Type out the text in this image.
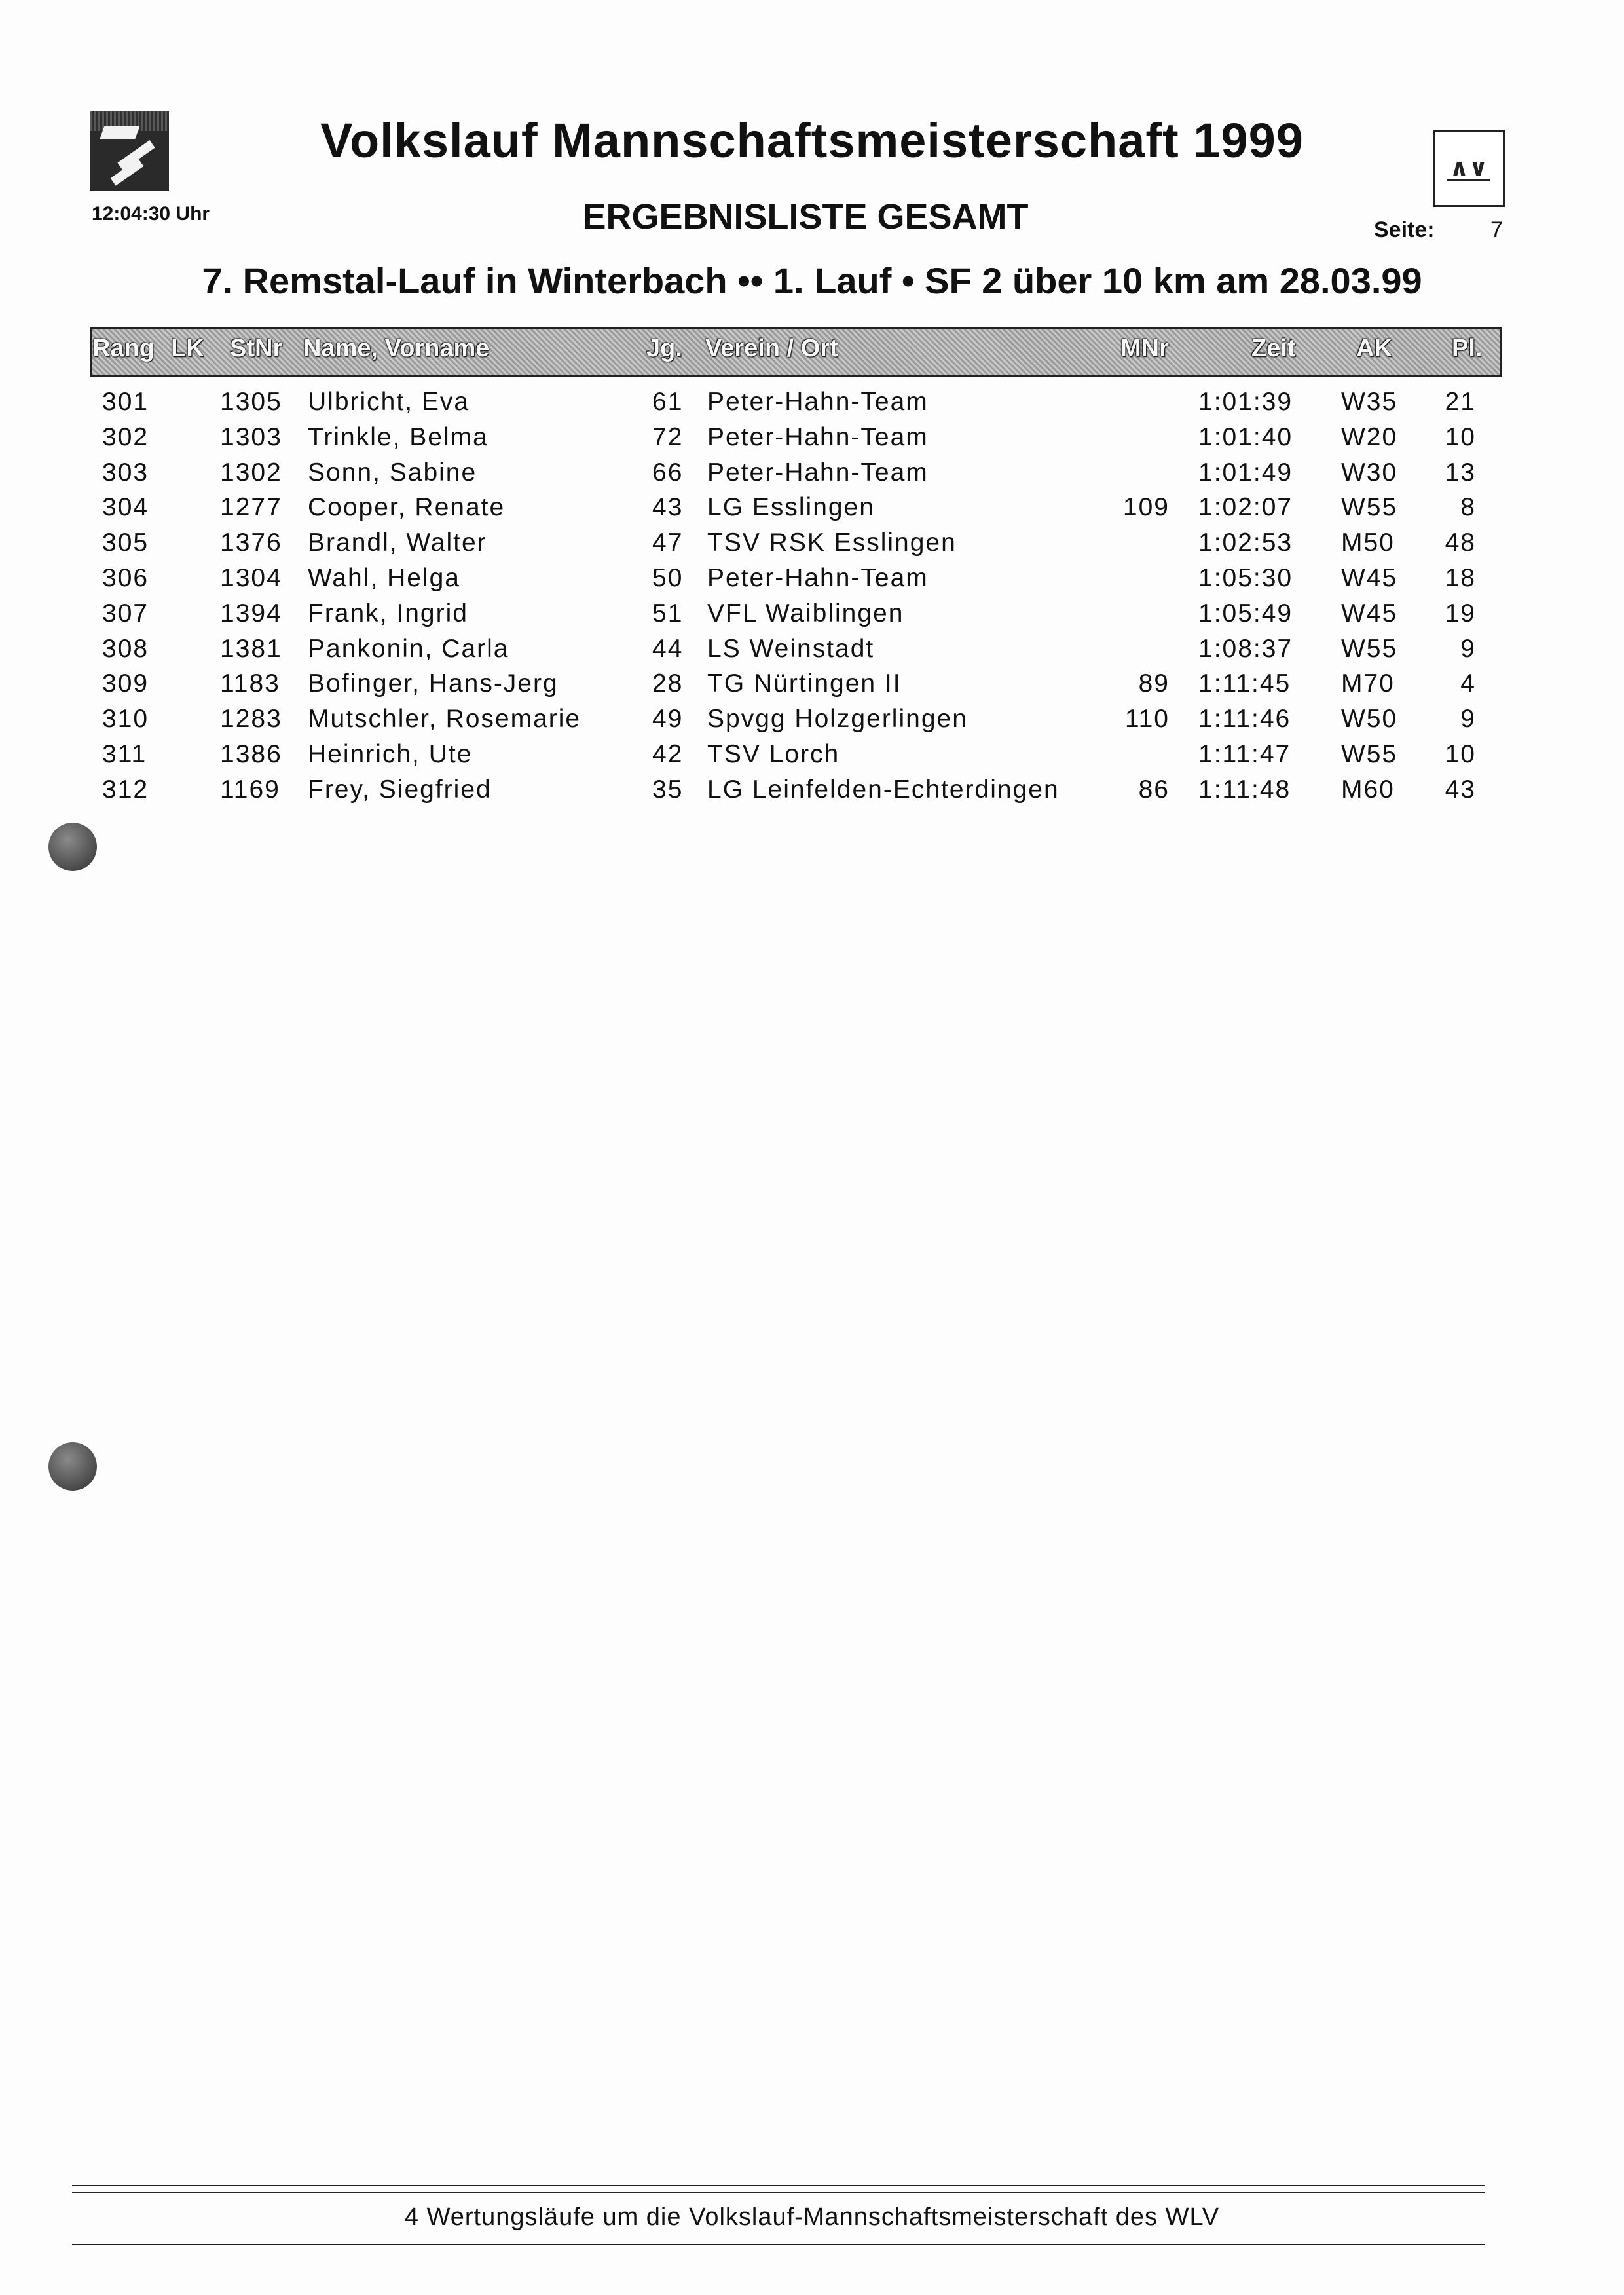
Volkslauf Mannschaftsmeisterschaft 1999	∧∨
12:04:30 Uhr	ERGEBNISLISTE GESAMT	Seite:	7
7. Remstal-Lauf in Winterbach •• 1. Lauf • SF 2 über 10 km am 28.03.99
Rang LK StNr Name, Vorname	Jg. Verein / Ort	MNr	Zeit AK Pl.
301	1305 Ulbricht, Eva	61 Peter-Hahn-Team	1:01:39 W35 21
302	1303 Trinkle, Belma	72 Peter-Hahn-Team	1:01:40 W20 10
303	1302 Sonn, Sabine	66 Peter-Hahn-Team	1:01:49 W30 13
304	1277 Cooper, Renate	43 LG Esslingen	109 1:02:07 W55 8
305	1376 Brandl, Walter	47 TSV RSK Esslingen	1:02:53 M50 48
306	1304 Wahl, Helga	50 Peter-Hahn-Team	1:05:30 W45 18
307	1394 Frank, Ingrid	51 VFL Waiblingen	1:05:49 W45 19
308	1381 Pankonin, Carla	44 LS Weinstadt	1:08:37 W55 9
309	1183 Bofinger, Hans-Jerg	28 TG Nürtingen II	89 1:11:45 M70	4
310	1283 Mutschler, Rosemarie	49 Spvgg Holzgerlingen	110 1:11:46 W50 9
311	1386 Heinrich, Ute	42 TSV Lorch	1:11:47 W55 10
312	1169 Frey, Siegfried	35 LG Leinfelden-Echterdingen	86 1:11:48 M60 43
4 Wertungsläufe um die Volkslauf-Mannschaftsmeisterschaft des WLV
